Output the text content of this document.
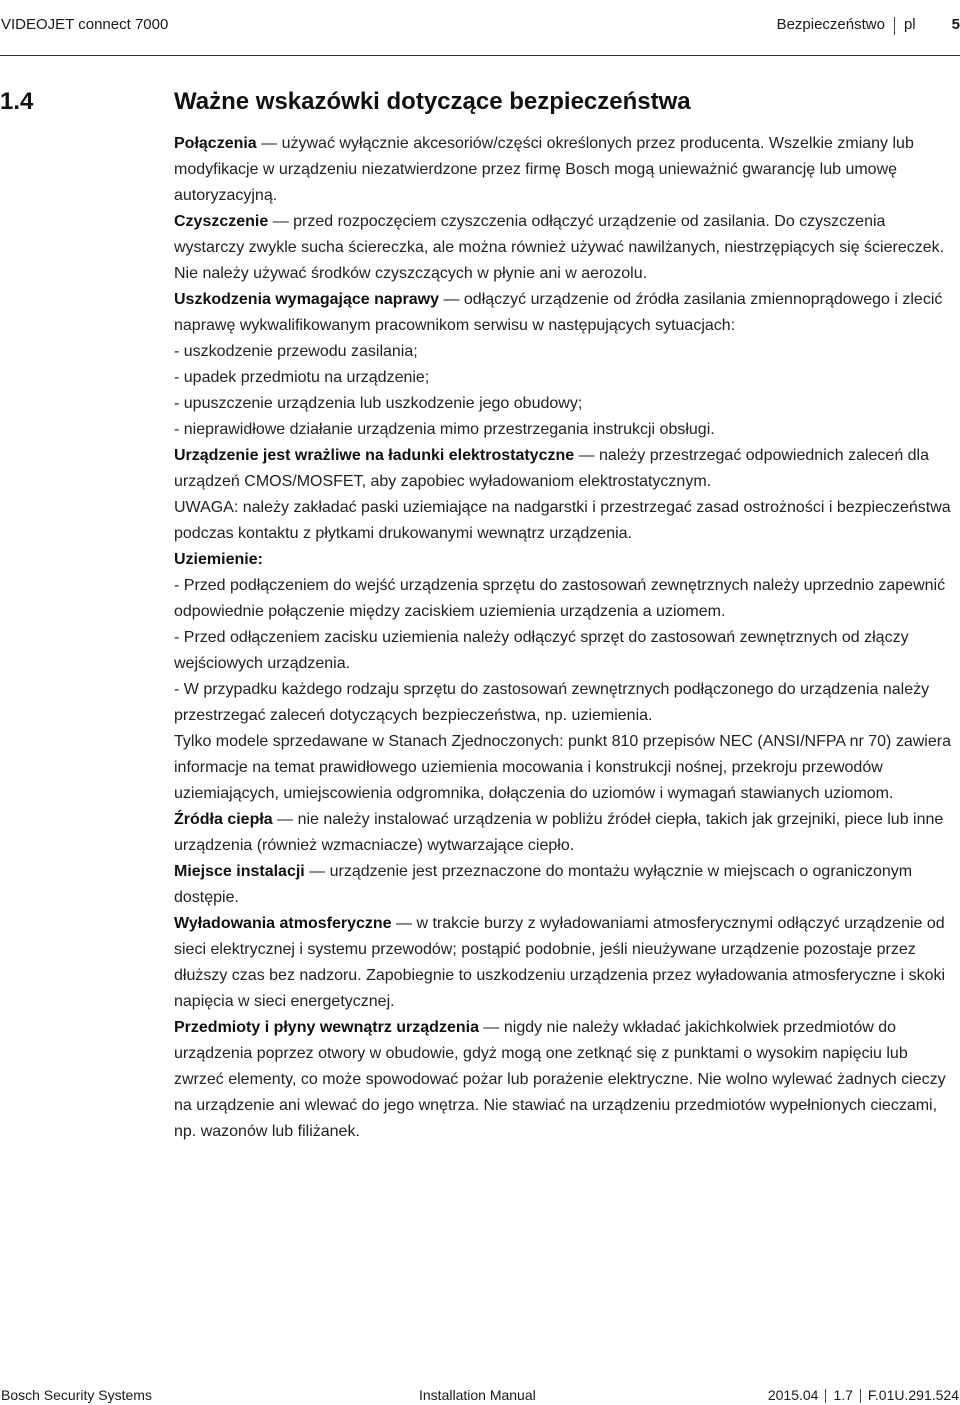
VIDEOJET connect 7000	Bezpieczeństwo pl 5
1.4	Ważne wskazówki dotyczące bezpieczeństwa

Połączenia — używać wyłącznie akcesoriów/części określonych przez producenta. Wszelkie zmiany lub modyfikacje w urządzeniu niezatwierdzone przez firmę Bosch mogą unieważnić gwarancję lub umowę autoryzacyjną.

Czyszczenie — przed rozpoczęciem czyszczenia odłączyć urządzenie od zasilania. Do czyszczenia wystarczy zwykle sucha ściereczka, ale można również używać nawilżanych, niestrzępiących się ściereczek. Nie należy używać środków czyszczących w płynie ani w aerozolu.

Uszkodzenia wymagające naprawy — odłączyć urządzenie od źródła zasilania zmiennoprądowego i zlecić naprawę wykwalifikowanym pracownikom serwisu w następujących sytuacjach:

- uszkodzenie przewodu zasilania;

- upadek przedmiotu na urządzenie;

- upuszczenie urządzenia lub uszkodzenie jego obudowy;

- nieprawidłowe działanie urządzenia mimo przestrzegania instrukcji obsługi.

Urządzenie jest wrażliwe na ładunki elektrostatyczne — należy przestrzegać odpowiednich zaleceń dla urządzeń CMOS/MOSFET, aby zapobiec wyładowaniom elektrostatycznym.

UWAGA: należy zakładać paski uziemiające na nadgarstki i przestrzegać zasad ostrożności i bezpieczeństwa podczas kontaktu z płytkami drukowanymi wewnątrz urządzenia.

Uziemienie:

- Przed podłączeniem do wejść urządzenia sprzętu do zastosowań zewnętrznych należy uprzednio zapewnić odpowiednie połączenie między zaciskiem uziemienia urządzenia a uziomem.

- Przed odłączeniem zacisku uziemienia należy odłączyć sprzęt do zastosowań zewnętrznych od złączy wejściowych urządzenia.

- W przypadku każdego rodzaju sprzętu do zastosowań zewnętrznych podłączonego do urządzenia należy przestrzegać zaleceń dotyczących bezpieczeństwa, np. uziemienia.

Tylko modele sprzedawane w Stanach Zjednoczonych: punkt 810 przepisów NEC (ANSI/NFPA nr 70) zawiera informacje na temat prawidłowego uziemienia mocowania i konstrukcji nośnej, przekroju przewodów uziemiających, umiejscowienia odgromnika, dołączenia do uziomów i wymagań stawianych uziomom.

Źródła ciepła — nie należy instalować urządzenia w pobliżu źródeł ciepła, takich jak grzejniki, piece lub inne urządzenia (również wzmacniacze) wytwarzające ciepło.

Miejsce instalacji — urządzenie jest przeznaczone do montażu wyłącznie w miejscach o ograniczonym dostępie.

Wyładowania atmosferyczne — w trakcie burzy z wyładowaniami atmosferycznymi odłączyć urządzenie od sieci elektrycznej i systemu przewodów; postąpić podobnie, jeśli nieużywane urządzenie pozostaje przez dłuższy czas bez nadzoru. Zapobiegnie to uszkodzeniu urządzenia przez wyładowania atmosferyczne i skoki napięcia w sieci energetycznej.

Przedmioty i płyny wewnątrz urządzenia — nigdy nie należy wkładać jakichkolwiek przedmiotów do urządzenia poprzez otwory w obudowie, gdyż mogą one zetknąć się z punktami o wysokim napięciu lub zwrzeć elementy, co może spowodować pożar lub porażenie elektryczne. Nie wolno wylewać żadnych cieczy na urządzenie ani wlewać do jego wnętrza. Nie stawiać na urządzeniu przedmiotów wypełnionych cieczami, np. wazonów lub filiżanek.

Bosch Security Systems	Installation Manual	2015.04 1.7 F.01U.291.524
